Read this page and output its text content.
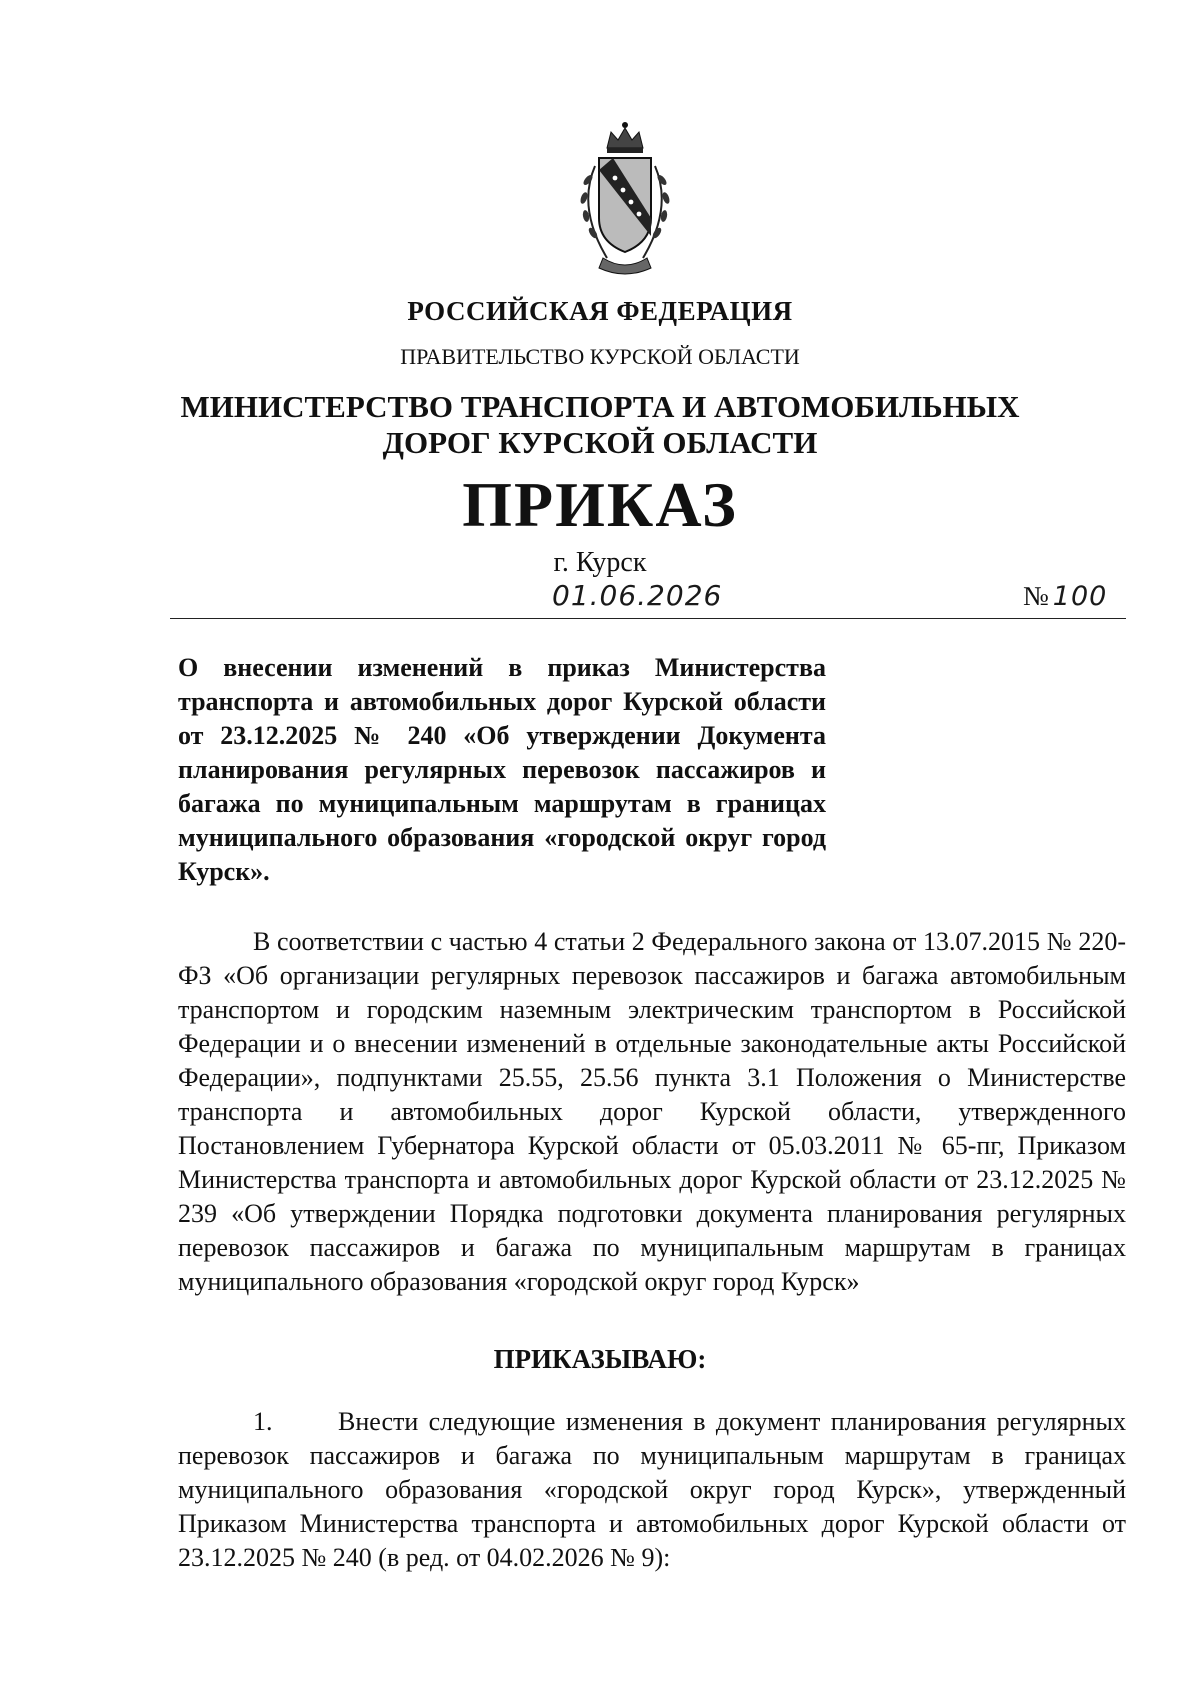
РОССИЙСКАЯ ФЕДЕРАЦИЯ
ПРАВИТЕЛЬСТВО КУРСКОЙ ОБЛАСТИ
МИНИСТЕРСТВО ТРАНСПОРТА И АВТОМОБИЛЬНЫХ
ДОРОГ КУРСКОЙ ОБЛАСТИ
ПРИКАЗ
г. Курск
01.06.2026	№ 100
О внесении изменений в приказ Министерства транспорта и автомобильных дорог Курской области от 23.12.2025 № 240 «Об утверждении Документа планирования регулярных перевозок пассажиров и багажа по муниципальным маршрутам в границах муниципального образования «городской округ город Курск».
В соответствии с частью 4 статьи 2 Федерального закона от 13.07.2015 № 220-ФЗ «Об организации регулярных перевозок пассажиров и багажа автомобильным транспортом и городским наземным электрическим транспортом в Российской Федерации и о внесении изменений в отдельные законодательные акты Российской Федерации», подпунктами 25.55, 25.56 пункта 3.1 Положения о Министерстве транспорта и автомобильных дорог Курской области, утвержденного Постановлением Губернатора Курской области от 05.03.2011 № 65-пг, Приказом Министерства транспорта и автомобильных дорог Курской области от 23.12.2025 № 239 «Об утверждении Порядка подготовки документа планирования регулярных перевозок пассажиров и багажа по муниципальным маршрутам в границах муниципального образования «городской округ город Курск»
ПРИКАЗЫВАЮ:
1.	Внести следующие изменения в документ планирования регулярных перевозок пассажиров и багажа по муниципальным маршрутам в границах муниципального образования «городской округ город Курск», утвержденный Приказом Министерства транспорта и автомобильных дорог Курской области от 23.12.2025 № 240 (в ред. от 04.02.2026 № 9):
